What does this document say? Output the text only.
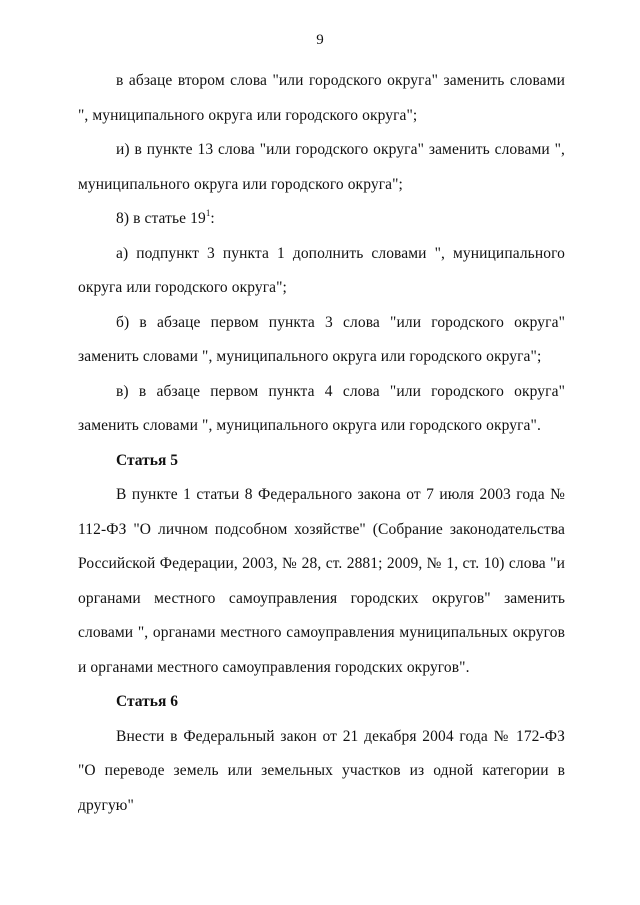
9

в абзаце втором слова "или городского округа" заменить словами ", муниципального округа или городского округа";

и) в пункте 13 слова "или городского округа" заменить словами ", муниципального округа или городского округа";

8) в статье $19^1$:

а) подпункт 3 пункта 1 дополнить словами ", муниципального округа или городского округа";

б) в абзаце первом пункта 3 слова "или городского округа" заменить словами ", муниципального округа или городского округа";

в) в абзаце первом пункта 4 слова "или городского округа" заменить словами ", муниципального округа или городского округа".

Статья 5

В пункте 1 статьи 8 Федерального закона от 7 июля 2003 года № 112-ФЗ "О личном подсобном хозяйстве" (Собрание законодательства Российской Федерации, 2003, № 28, ст. 2881; 2009, № 1, ст. 10) слова "и органами местного самоуправления городских округов" заменить словами ", органами местного самоуправления муниципальных округов и органами местного самоуправления городских округов".

Статья 6

Внести в Федеральный закон от 21 декабря 2004 года № 172-ФЗ "О переводе земель или земельных участков из одной категории в другую"
